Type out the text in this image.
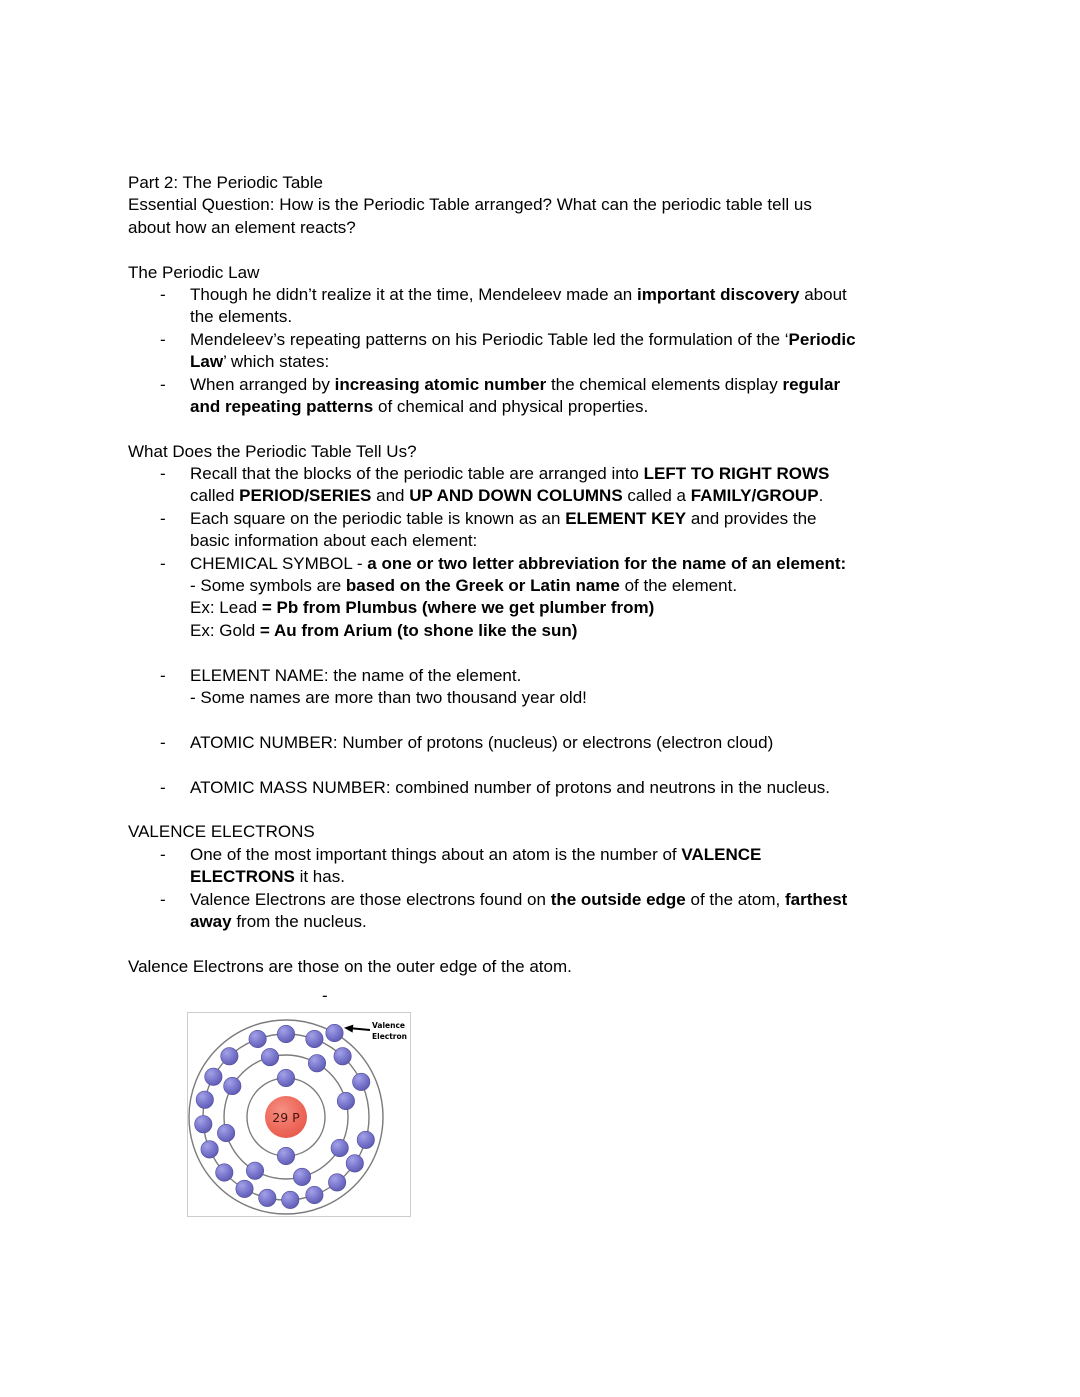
Part 2: The Periodic Table
Essential Question: How is the Periodic Table arranged? What can the periodic table tell us
about how an element reacts?
The Periodic Law
- Though he didn’t realize it at the time, Mendeleev made an important discovery about
the elements.
- Mendeleev’s repeating patterns on his Periodic Table led the formulation of the ‘Periodic
Law’ which states:
- When arranged by increasing atomic number the chemical elements display regular
and repeating patterns of chemical and physical properties.
What Does the Periodic Table Tell Us?
- Recall that the blocks of the periodic table are arranged into LEFT TO RIGHT ROWS
called PERIOD/SERIES and UP AND DOWN COLUMNS called a FAMILY/GROUP.
- Each square on the periodic table is known as an ELEMENT KEY and provides the
basic information about each element:
- CHEMICAL SYMBOL - a one or two letter abbreviation for the name of an element:
- Some symbols are based on the Greek or Latin name of the element.
Ex: Lead = Pb from Plumbus (where we get plumber from)
Ex: Gold = Au from Arium (to shone like the sun)
- ELEMENT NAME: the name of the element.
- Some names are more than two thousand year old!
- ATOMIC NUMBER: Number of protons (nucleus) or electrons (electron cloud)
- ATOMIC MASS NUMBER: combined number of protons and neutrons in the nucleus.
VALENCE ELECTRONS
- One of the most important things about an atom is the number of VALENCE
ELECTRONS it has.
- Valence Electrons are those electrons found on the outside edge of the atom, farthest
away from the nucleus.
Valence Electrons are those on the outer edge of the atom.
-
29 P
Valence Electron
